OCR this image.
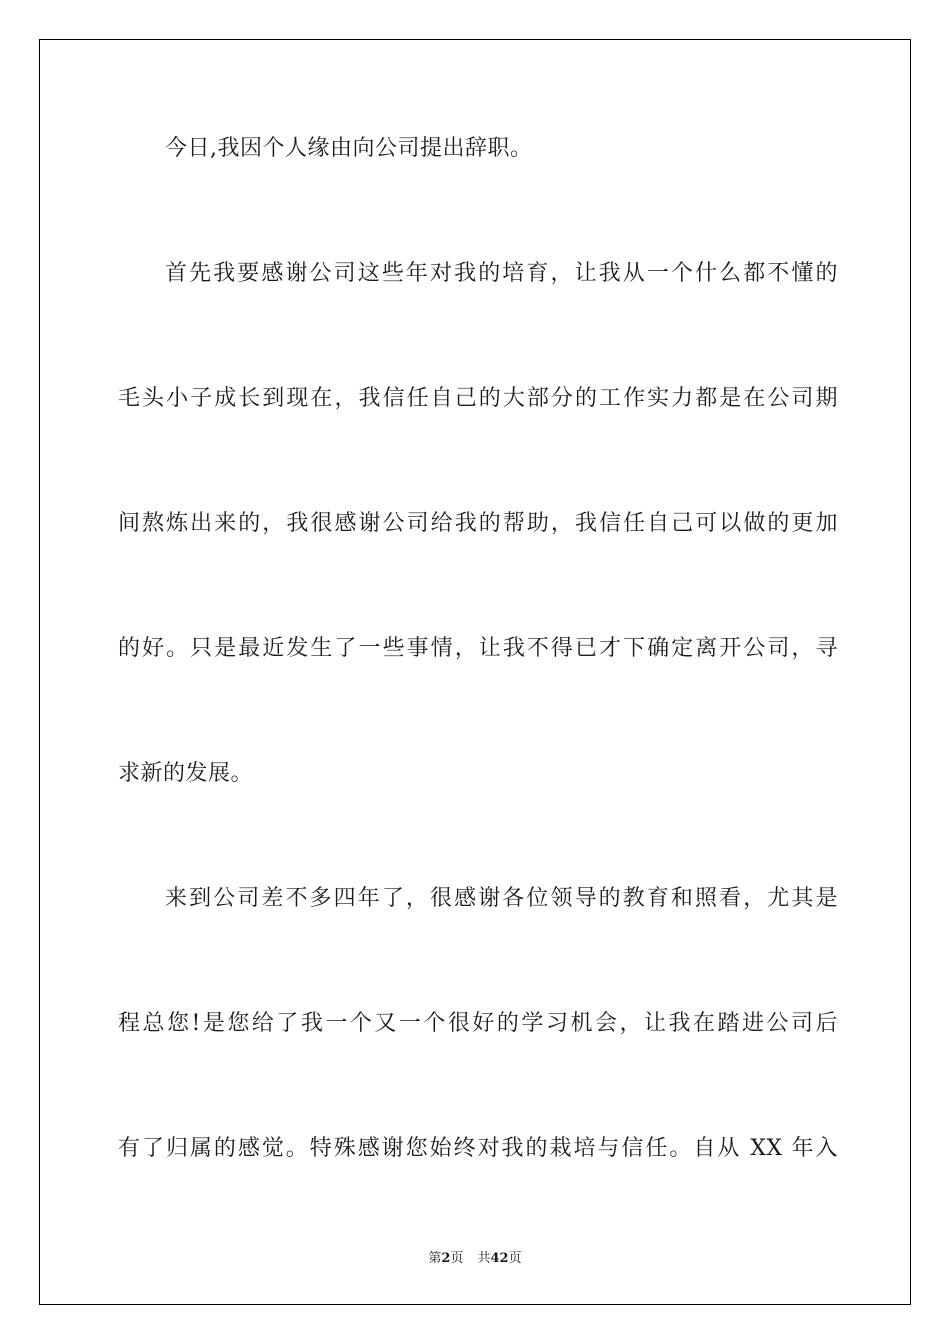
今日,我因个人缘由向公司提出辞职。

首先我要感谢公司这些年对我的培育，让我从一个什么都不懂的

毛头小子成长到现在，我信任自己的大部分的工作实力都是在公司期

间熬炼出来的，我很感谢公司给我的帮助，我信任自己可以做的更加

的好。只是最近发生了一些事情，让我不得已才下确定离开公司，寻

求新的发展。

来到公司差不多四年了，很感谢各位领导的教育和照看，尤其是

程总您!是您给了我一个又一个很好的学习机会，让我在踏进公司后

有了归属的感觉。特殊感谢您始终对我的栽培与信任。自从 XX 年入

第2页 共42页
